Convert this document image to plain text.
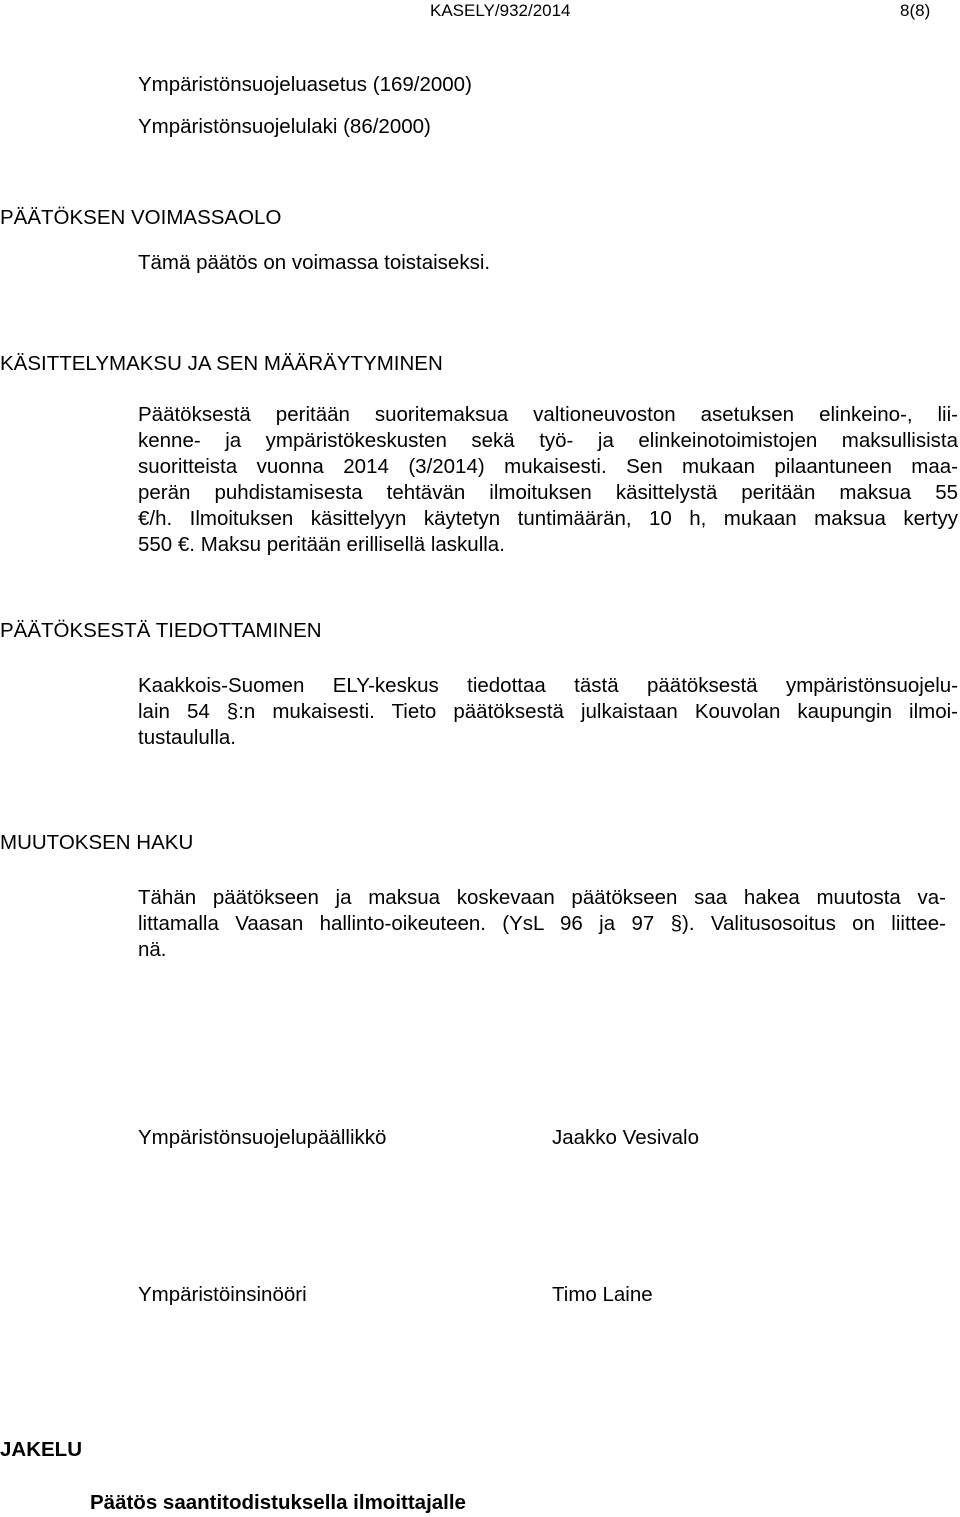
KASELY/932/2014	8(8)
Ympäristönsuojeluasetus (169/2000)
Ympäristönsuojelulaki (86/2000)
PÄÄTÖKSEN VOIMASSAOLO
Tämä päätös on voimassa toistaiseksi.
KÄSITTELYMAKSU JA SEN MÄÄRÄYTYMINEN
Päätöksestä peritään suoritemaksua valtioneuvoston asetuksen elinkeino-, lii-
kenne- ja ympäristökeskusten sekä työ- ja elinkeinotoimistojen maksullisista
suoritteista vuonna 2014 (3/2014) mukaisesti. Sen mukaan pilaantuneen maa-
perän puhdistamisesta tehtävän ilmoituksen käsittelystä peritään maksua 55
€/h. Ilmoituksen käsittelyyn käytetyn tuntimäärän, 10 h, mukaan maksua kertyy
550 €. Maksu peritään erillisellä laskulla.
PÄÄTÖKSESTÄ TIEDOTTAMINEN
Kaakkois-Suomen ELY-keskus tiedottaa tästä päätöksestä ympäristönsuojelu-
lain 54 §:n mukaisesti. Tieto päätöksestä julkaistaan Kouvolan kaupungin ilmoi-
tustaululla.
MUUTOKSEN HAKU
Tähän päätökseen ja maksua koskevaan päätökseen saa hakea muutosta va-
littamalla Vaasan hallinto-oikeuteen. (YsL 96 ja 97 §). Valitusosoitus on liittee-
nä.
Ympäristönsuojelupäällikkö	Jaakko Vesivalo
Ympäristöinsinööri	Timo Laine
JAKELU
Päätös saantitodistuksella ilmoittajalle
